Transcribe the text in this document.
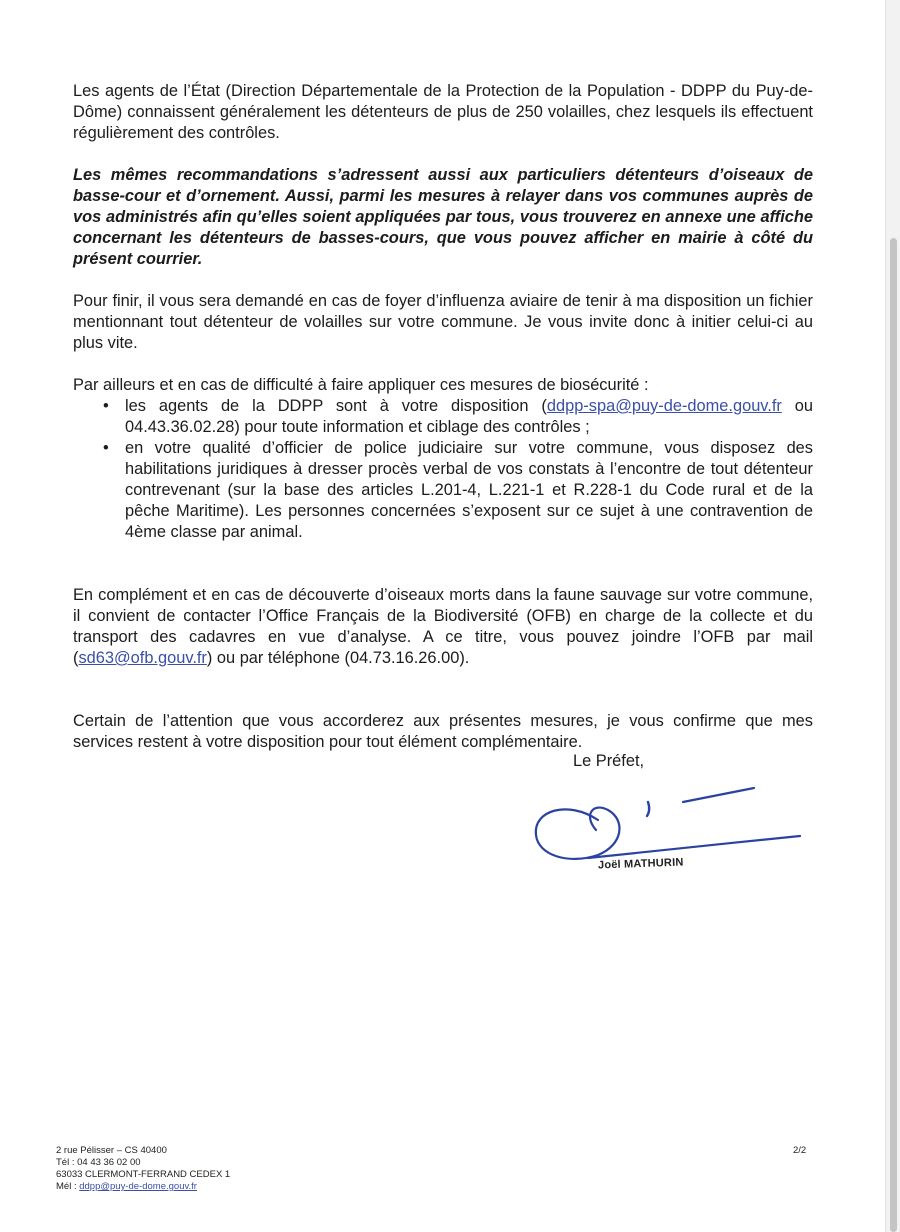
Les agents de l’État (Direction Départementale de la Protection de la Population - DDPP du Puy-de-Dôme) connaissent généralement les détenteurs de plus de 250 volailles, chez lesquels ils effectuent régulièrement des contrôles.

Les mêmes recommandations s’adressent aussi aux particuliers détenteurs d’oiseaux de basse-cour et d’ornement. Aussi, parmi les mesures à relayer dans vos communes auprès de vos administrés afin qu’elles soient appliquées par tous, vous trouverez en annexe une affiche concernant les détenteurs de basses-cours, que vous pouvez afficher en mairie à côté du présent courrier.

Pour finir, il vous sera demandé en cas de foyer d’influenza aviaire de tenir à ma disposition un fichier mentionnant tout détenteur de volailles sur votre commune. Je vous invite donc à initier celui-ci au plus vite.

Par ailleurs et en cas de difficulté à faire appliquer ces mesures de biosécurité :

• les agents de la DDPP sont à votre disposition (ddpp-spa@puy-de-dome.gouv.fr ou 04.43.36.02.28) pour toute information et ciblage des contrôles ;
• en votre qualité d’officier de police judiciaire sur votre commune, vous disposez des habilitations juridiques à dresser procès verbal de vos constats à l’encontre de tout détenteur contrevenant (sur la base des articles L.201-4, L.221-1 et R.228-1 du Code rural et de la pêche Maritime). Les personnes concernées s’exposent sur ce sujet à une contravention de 4ème classe par animal.

En complément et en cas de découverte d’oiseaux morts dans la faune sauvage sur votre commune, il convient de contacter l’Office Français de la Biodiversité (OFB) en charge de la collecte et du transport des cadavres en vue d’analyse. A ce titre, vous pouvez joindre l’OFB par mail (sd63@ofb.gouv.fr) ou par téléphone (04.73.16.26.00).

Certain de l’attention que vous accorderez aux présentes mesures, je vous confirme que mes services restent à votre disposition pour tout élément complémentaire.

Le Préfet,
Joël MATHURIN
2 rue Pélisser – CS 40400
Tél : 04 43 36 02 00
63033 CLERMONT-FERRAND CEDEX 1
Mél : ddpp@puy-de-dome.gouv.fr
2/2
